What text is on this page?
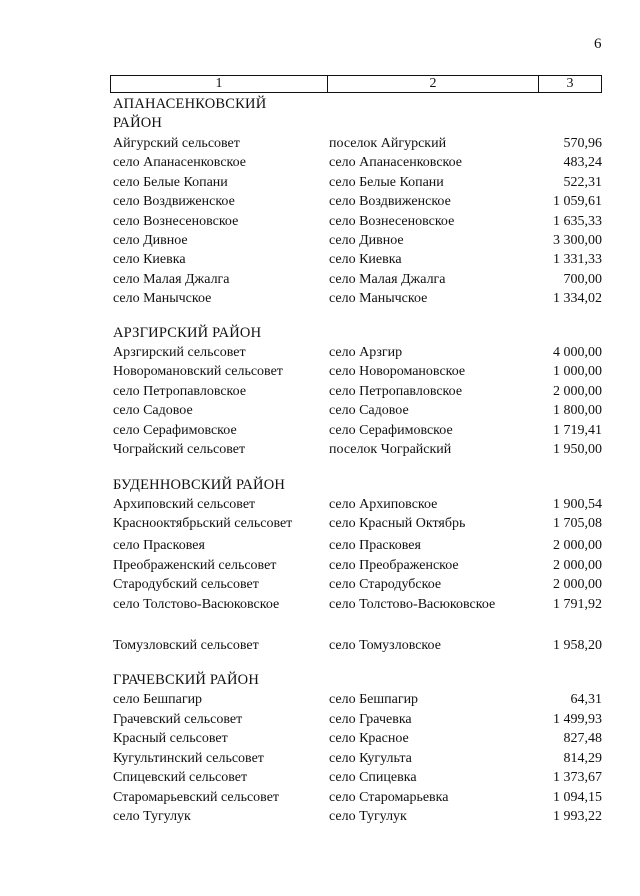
6
1	2	3
АПАНАСЕНКОВСКИЙ
РАЙОН
Айгурский сельсовет	поселок Айгурский	570,96
село Апанасенковское	село Апанасенковское	483,24
село Белые Копани	село Белые Копани	522,31
село Воздвиженское	село Воздвиженское	1 059,61
село Вознесеновское	село Вознесеновское	1 635,33
село Дивное	село Дивное	3 300,00
село Киевка	село Киевка	1 331,33
село Малая Джалга	село Малая Джалга	700,00
село Манычское	село Манычское	1 334,02
АРЗГИРСКИЙ РАЙОН
Арзгирский сельсовет	село Арзгир	4 000,00
Новоромановский сельсовет	село Новоромановское	1 000,00
село Петропавловское	село Петропавловское	2 000,00
село Садовое	село Садовое	1 800,00
село Серафимовское	село Серафимовское	1 719,41
Чограйский сельсовет	поселок Чограйский	1 950,00
БУДЕННОВСКИЙ РАЙОН
Архиповский сельсовет	село Архиповское	1 900,54
Краснооктябрьский сельсовет	село Красный Октябрь	1 705,08
село Прасковея	село Прасковея	2 000,00
Преображенский сельсовет	село Преображенское	2 000,00
Стародубский сельсовет	село Стародубское	2 000,00
село Толстово-Васюковское	село Толстово-Васюковское	1 791,92
Томузловский сельсовет	село Томузловское	1 958,20
ГРАЧЕВСКИЙ РАЙОН
село Бешпагир	село Бешпагир	64,31
Грачевский сельсовет	село Грачевка	1 499,93
Красный сельсовет	село Красное	827,48
Кугультинский сельсовет	село Кугульта	814,29
Спицевский сельсовет	село Спицевка	1 373,67
Старомарьевский сельсовет	село Старомарьевка	1 094,15
село Тугулук	село Тугулук	1 993,22
